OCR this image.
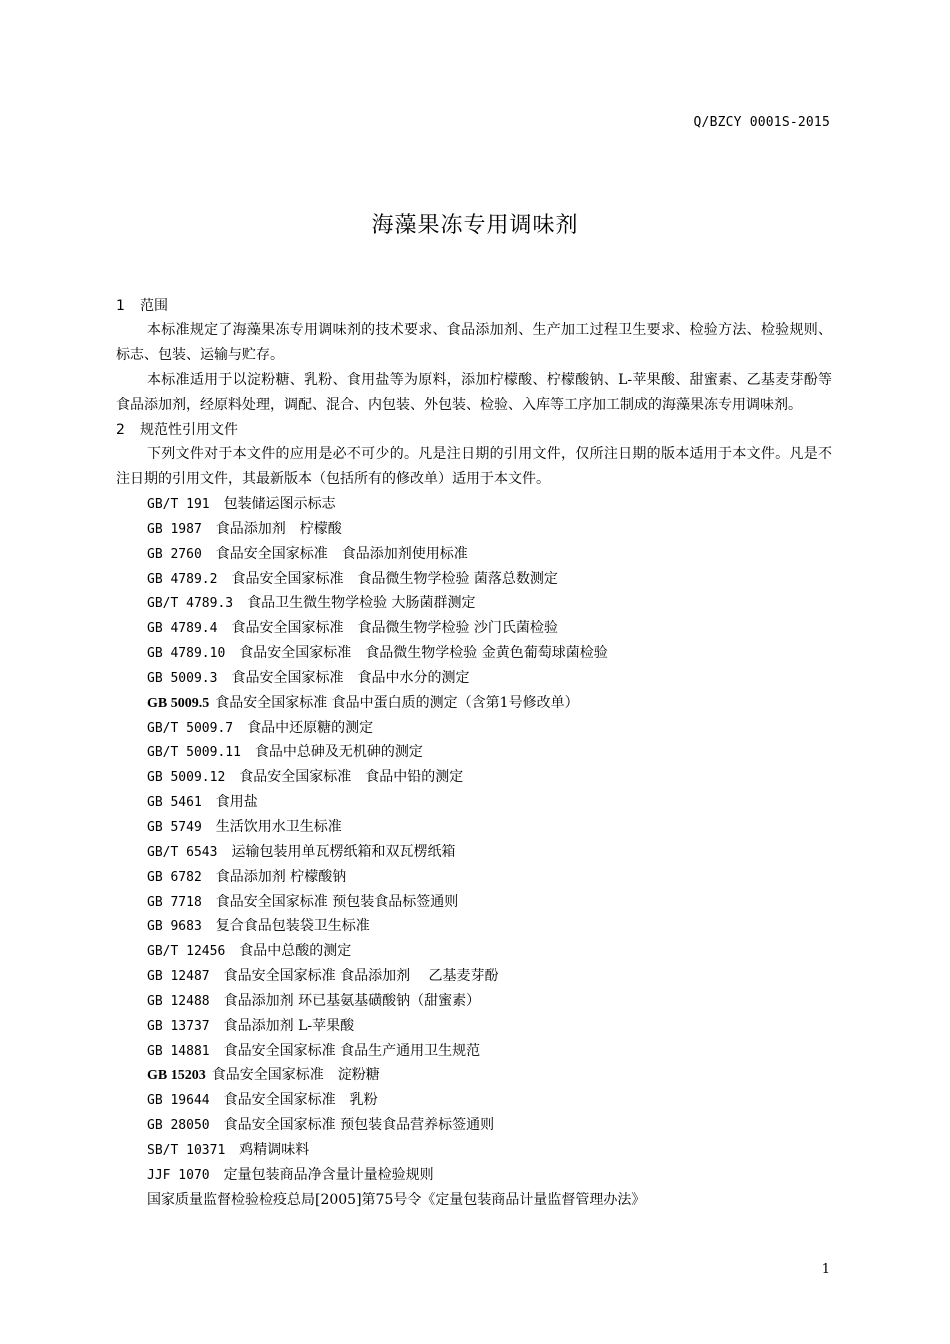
Q/BZCY 0001S-2015
海藻果冻专用调味剂
1 范围

本标准规定了海藻果冻专用调味剂的技术要求、食品添加剂、生产加工过程卫生要求、检验方法、检验规则、标志、包装、运输与贮存。

本标准适用于以淀粉糖、乳粉、食用盐等为原料，添加柠檬酸、柠檬酸钠、L-苹果酸、甜蜜素、乙基麦芽酚等食品添加剂，经原料处理，调配、混合、内包装、外包装、检验、入库等工序加工制成的海藻果冻专用调味剂。

2 规范性引用文件

下列文件对于本文件的应用是必不可少的。凡是注日期的引用文件，仅所注日期的版本适用于本文件。凡是不注日期的引用文件，其最新版本（包括所有的修改单）适用于本文件。

GB/T 191 包装储运图示标志
GB 1987 食品添加剂　柠檬酸
GB 2760 食品安全国家标准　食品添加剂使用标准
GB 4789.2 食品安全国家标准　食品微生物学检验 菌落总数测定
GB/T 4789.3 食品卫生微生物学检验 大肠菌群测定
GB 4789.4 食品安全国家标准　食品微生物学检验 沙门氏菌检验
GB 4789.10 食品安全国家标准　食品微生物学检验 金黄色葡萄球菌检验
GB 5009.3 食品安全国家标准　食品中水分的测定
GB 5009.5 食品安全国家标准 食品中蛋白质的测定（含第1号修改单）
GB/T 5009.7 食品中还原糖的测定
GB/T 5009.11 食品中总砷及无机砷的测定
GB 5009.12 食品安全国家标准　食品中铅的测定
GB 5461 食用盐
GB 5749 生活饮用水卫生标准
GB/T 6543 运输包装用单瓦楞纸箱和双瓦楞纸箱
GB 6782 食品添加剂 柠檬酸钠
GB 7718 食品安全国家标准 预包装食品标签通则
GB 9683 复合食品包装袋卫生标准
GB/T 12456 食品中总酸的测定
GB 12487 食品安全国家标准 食品添加剂　 乙基麦芽酚
GB 12488 食品添加剂 环已基氨基磺酸钠（甜蜜素）
GB 13737 食品添加剂 L-苹果酸
GB 14881 食品安全国家标准 食品生产通用卫生规范
GB 15203 食品安全国家标准　淀粉糖
GB 19644 食品安全国家标准　乳粉
GB 28050 食品安全国家标准 预包装食品营养标签通则
SB/T 10371 鸡精调味料
JJF 1070 定量包装商品净含量计量检验规则
国家质量监督检验检疫总局[2005]第75号令《定量包装商品计量监督管理办法》
1
